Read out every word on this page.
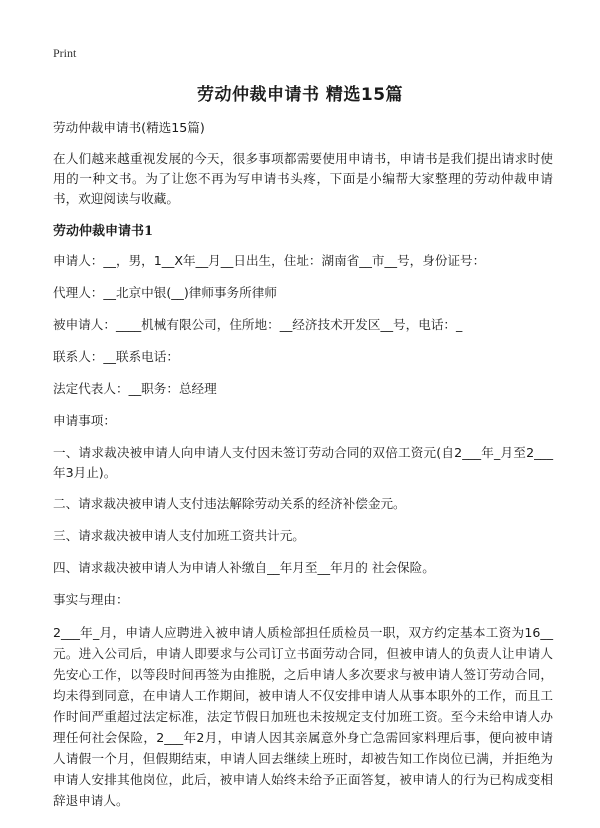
Print
劳动仲裁申请书 精选15篇

劳动仲裁申请书(精选15篇)

在人们越来越重视发展的今天，很多事项都需要使用申请书，申请书是我们提出请求时使用的一种文书。为了让您不再为写申请书头疼，下面是小编帮大家整理的劳动仲裁申请书，欢迎阅读与收藏。

劳动仲裁申请书1

申请人：__，男，1__X年__月__日出生，住址：湖南省__市__号，身份证号：

代理人：__北京中银(__)律师事务所律师

被申请人：____机械有限公司，住所地：__经济技术开发区__号，电话：_

联系人：__联系电话：

法定代表人：__职务：总经理

申请事项：

一、请求裁决被申请人向申请人支付因未签订劳动合同的双倍工资元(自2___年_月至2___年3月止)。

二、请求裁决被申请人支付违法解除劳动关系的经济补偿金元。

三、请求裁决被申请人支付加班工资共计元。

四、请求裁决被申请人为申请人补缴自__年月至__年月的 社会保险。

事实与理由：

2___年_月，申请人应聘进入被申请人质检部担任质检员一职，双方约定基本工资为16__元。进入公司后，申请人即要求与公司订立书面劳动合同，但被申请人的负责人让申请人先安心工作，以等段时间再签为由推脱，之后申请人多次要求与被申请人签订劳动合同，均未得到同意，在申请人工作期间，被申请人不仅安排申请人从事本职外的工作，而且工作时间严重超过法定标准，法定节假日加班也未按规定支付加班工资。至今未给申请人办理任何社会保险，2___年2月，申请人因其亲属意外身亡急需回家料理后事，便向被申请人请假一个月，但假期结束，申请人回去继续上班时，却被告知工作岗位已满，并拒绝为申请人安排其他岗位，此后，被申请人始终未给予正面答复，被申请人的行为已构成变相辞退申请人。
